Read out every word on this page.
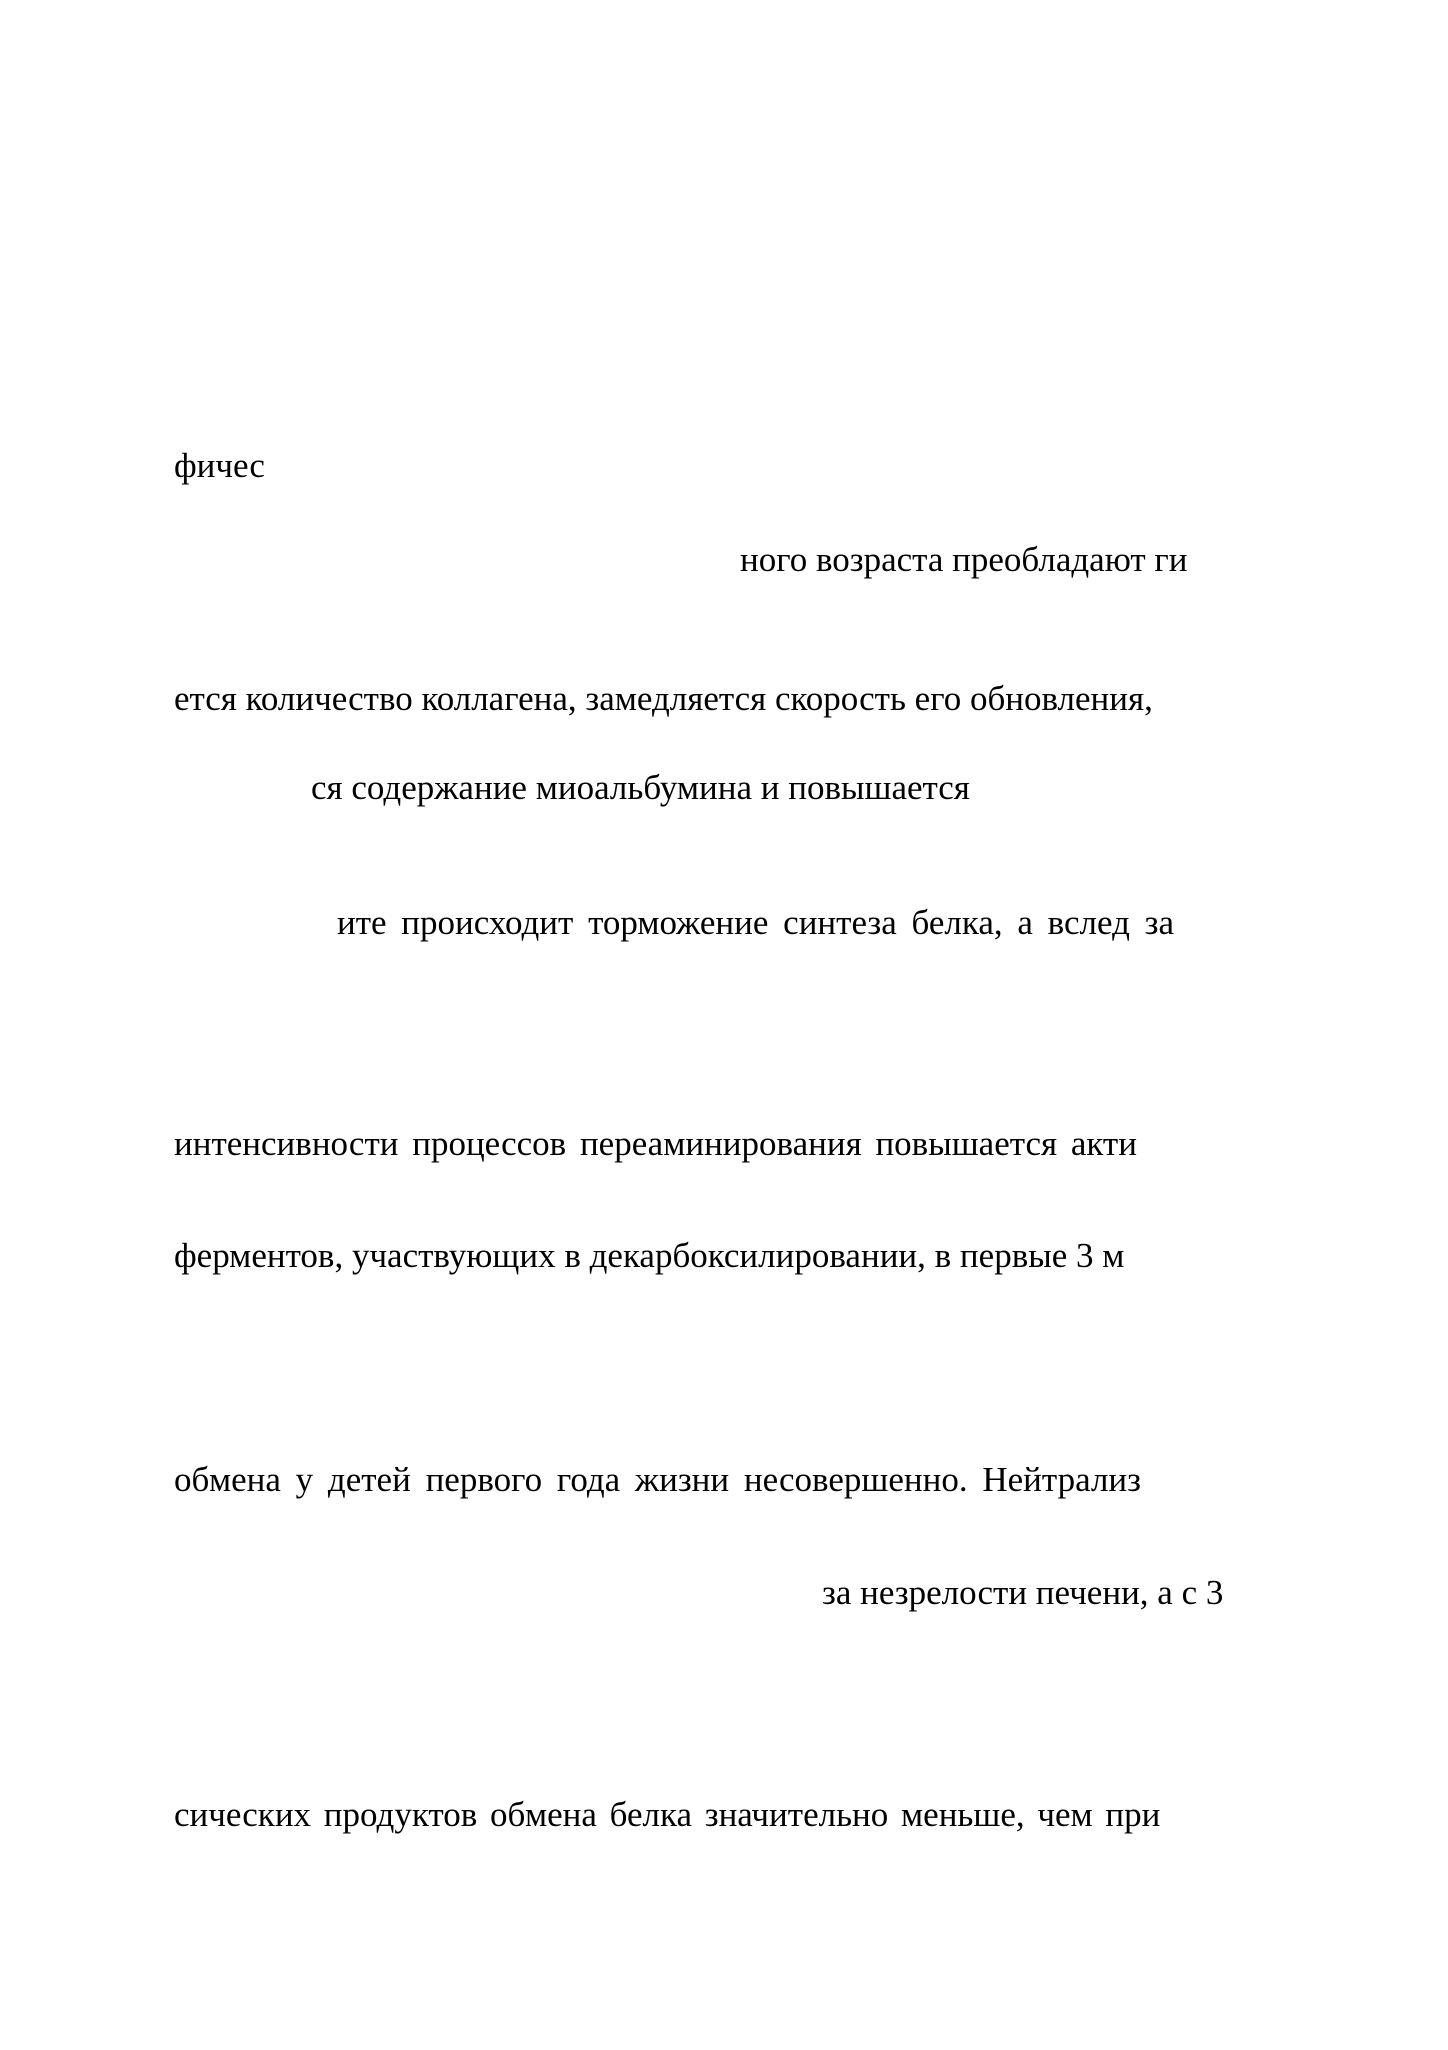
фичес

ного возраста преобладают ги

ется количество коллагена, замедляется скорость его обновления,

ся содержание миоальбумина и повышается

ите происходит торможение синтеза белка, а вслед за

интенсивности процессов переаминирования повышается акти

ферментов, участвующих в декарбоксилировании, в первые 3 м

обмена у детей первого года жизни несовершенно. Нейтрализ

за незрелости печени, а с 3

сических продуктов обмена белка значительно меньше, чем при
